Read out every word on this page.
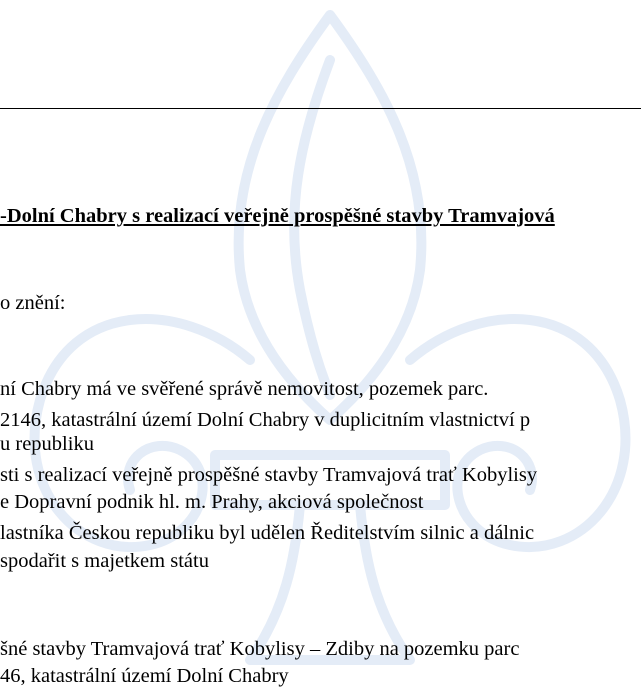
-Dolní Chabry s realizací veřejně prospěšné stavby Tramvajová
o znění:
ní Chabry má ve svěřené správě nemovitost, pozemek parc.
2146, katastrální území Dolní Chabry v duplicitním vlastnictví p
u republiku
sti s realizací veřejně prospěšné stavby Tramvajová trať Kobylisy
e Dopravní podnik hl. m. Prahy, akciová společnost
lastníka Českou republiku byl udělen Ředitelstvím silnic a dálnic
spodařit s majetkem státu
šné stavby Tramvajová trať Kobylisy – Zdiby na pozemku parc
46, katastrální území Dolní Chabry
